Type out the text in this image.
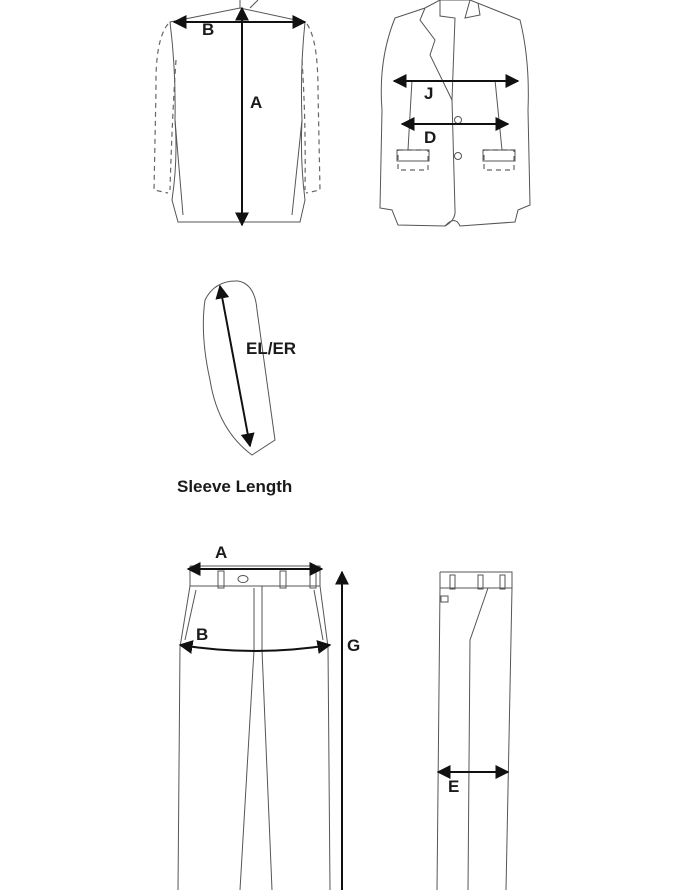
B
A	J
D
EL/ER
Sleeve Length
A
B
G
E
